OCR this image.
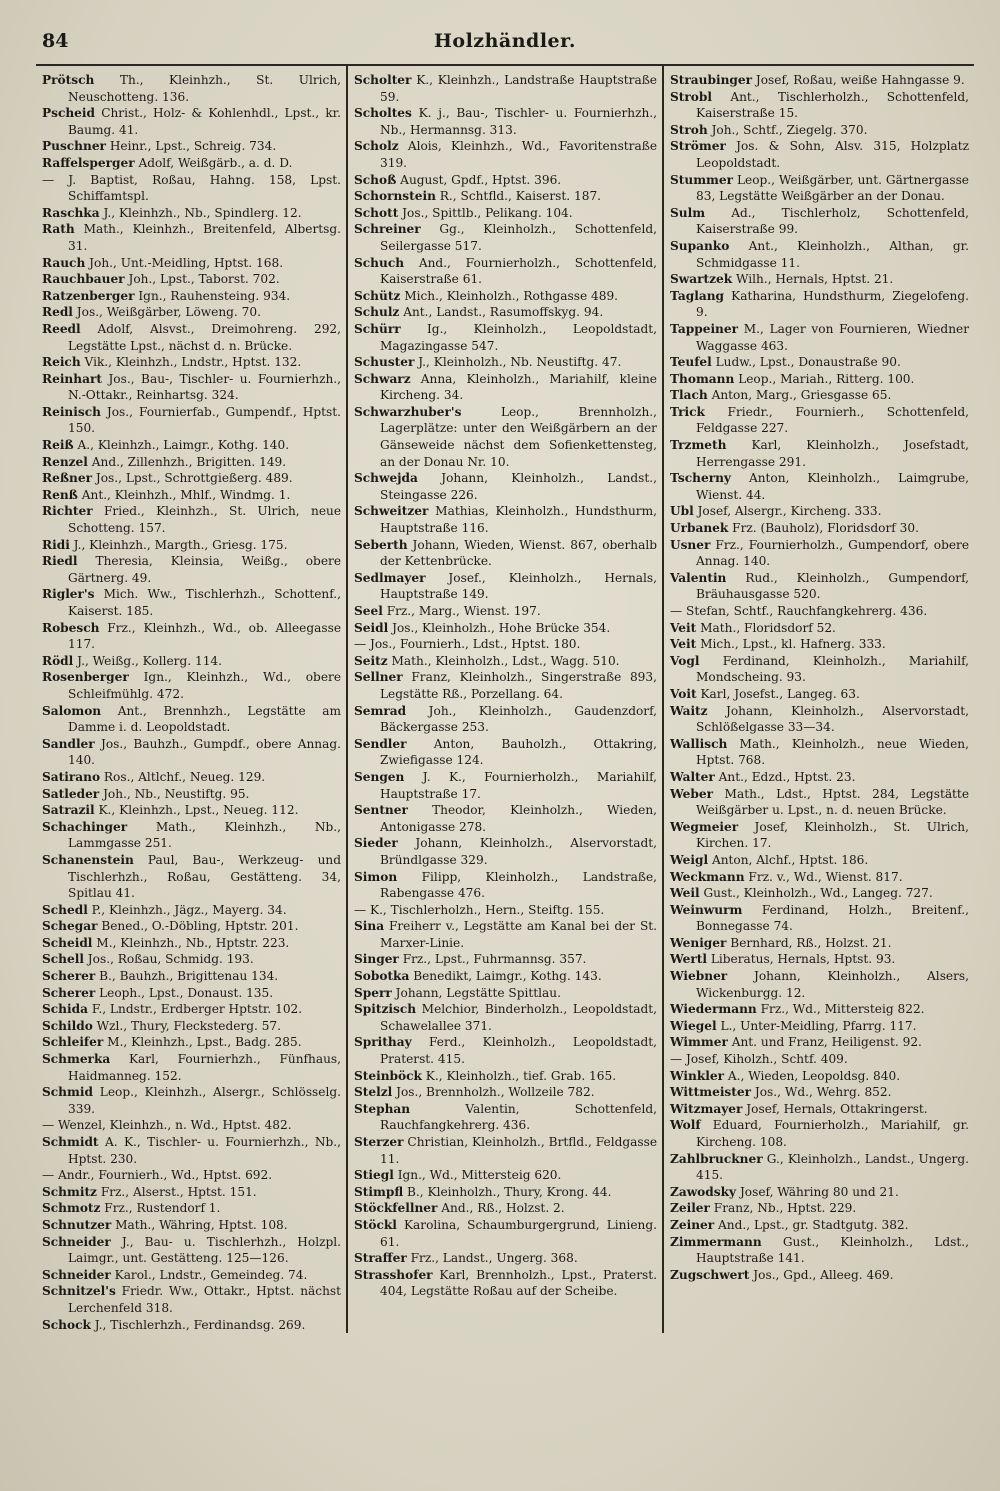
84	Holzhändler.

Prötsch Th., Kleinhzh., St. Ulrich, Neuschotteng. 136.

Pscheid Christ., Holz- & Kohlenhdl., Lpst., kr. Baumg. 41.

Puschner Heinr., Lpst., Schreig. 734.

Raffelsperger Adolf, Weißgärb., a. d. D.

— J. Baptist, Roßau, Hahng. 158, Lpst. Schiffamtspl.

Raschka J., Kleinhzh., Nb., Spindlerg. 12.

Rath Math., Kleinhzh., Breitenfeld, Albertsg. 31.

Rauch Joh., Unt.-Meidling, Hptst. 168.

Rauchbauer Joh., Lpst., Taborst. 702.

Ratzenberger Ign., Rauhensteing. 934.

Redl Jos., Weißgärber, Löweng. 70.

Reedl Adolf, Alsvst., Dreimohreng. 292, Legstätte Lpst., nächst d. n. Brücke.

Reich Vik., Kleinhzh., Lndstr., Hptst. 132.

Reinhart Jos., Bau-, Tischler- u. Fournierhzh., N.-Ottakr., Reinhartsg. 324.

Reinisch Jos., Fournierfab., Gumpendf., Hptst. 150.

Reiß A., Kleinhzh., Laimgr., Kothg. 140.

Renzel And., Zillenhzh., Brigitten. 149.

Reßner Jos., Lpst., Schrottgießerg. 489.

Renß Ant., Kleinhzh., Mhlf., Windmg. 1.

Richter Fried., Kleinhzh., St. Ulrich, neue Schotteng. 157.

Ridi J., Kleinhzh., Margth., Griesg. 175.

Riedl Theresia, Kleinsia, Weißg., obere Gärtnerg. 49.

Rigler's Mich. Ww., Tischlerhzh., Schottenf., Kaiserst. 185.

Robesch Frz., Kleinhzh., Wd., ob. Alleegasse 117.

Rödl J., Weißg., Kollerg. 114.

Rosenberger Ign., Kleinhzh., Wd., obere Schleifmühlg. 472.

Salomon Ant., Brennhzh., Legstätte am Damme i. d. Leopoldstadt.

Sandler Jos., Bauhzh., Gumpdf., obere Annag. 140.

Satirano Ros., Altlchf., Neueg. 129.

Satleder Joh., Nb., Neustiftg. 95.

Satrazil K., Kleinhzh., Lpst., Neueg. 112.

Schachinger Math., Kleinhzh., Nb., Lammgasse 251.

Schanenstein Paul, Bau-, Werkzeug- und Tischlerhzh., Roßau, Gestätteng. 34, Spitlau 41.

Schedl P., Kleinhzh., Jägz., Mayerg. 34.

Schegar Bened., O.-Döbling, Hptstr. 201.

Scheidl M., Kleinhzh., Nb., Hptstr. 223.

Schell Jos., Roßau, Schmidg. 193.

Scherer B., Bauhzh., Brigittenau 134.

Scherer Leoph., Lpst., Donaust. 135.

Schida F., Lndstr., Erdberger Hptstr. 102.

Schildo Wzl., Thury, Fleckstederg. 57.

Schleifer M., Kleinhzh., Lpst., Badg. 285.

Schmerka Karl, Fournierhzh., Fünfhaus, Haidmanneg. 152.

Schmid Leop., Kleinhzh., Alsergr., Schlösselg. 339.

— Wenzel, Kleinhzh., n. Wd., Hptst. 482.

Schmidt A. K., Tischler- u. Fournierhzh., Nb., Hptst. 230.

— Andr., Fournierh., Wd., Hptst. 692.

Schmitz Frz., Alserst., Hptst. 151.

Schmotz Frz., Rustendorf 1.

Schnutzer Math., Währing, Hptst. 108.

Schneider J., Bau- u. Tischlerhzh., Holzpl. Laimgr., unt. Gestätteng. 125—126.

Schneider Karol., Lndstr., Gemeindeg. 74.

Schnitzel's Friedr. Ww., Ottakr., Hptst. nächst Lerchenfeld 318.

Schock J., Tischlerhzh., Ferdinandsg. 269.

Scholter K., Kleinhzh., Landstraße Hauptstraße 59.

Scholtes K. j., Bau-, Tischler- u. Fournierhzh., Nb., Hermannsg. 313.

Scholz Alois, Kleinhzh., Wd., Favoritenstraße 319.

Schoß August, Gpdf., Hptst. 396.

Schornstein R., Schtfld., Kaiserst. 187.

Schott Jos., Spittlb., Pelikang. 104.

Schreiner Gg., Kleinholzh., Schottenfeld, Seilergasse 517.

Schuch And., Fournierholzh., Schottenfeld, Kaiserstraße 61.

Schütz Mich., Kleinholzh., Rothgasse 489.

Schulz Ant., Landst., Rasumoffskyg. 94.

Schürr Ig., Kleinholzh., Leopoldstadt, Magazingasse 547.

Schuster J., Kleinholzh., Nb. Neustiftg. 47.

Schwarz Anna, Kleinholzh., Mariahilf, kleine Kircheng. 34.

Schwarzhuber's	Leop., Brennholzh., Lagerplätze: unter den Weißgärbern an der Gänseweide nächst dem Sofienkettensteg, an der Donau Nr. 10.

Schwejda Johann, Kleinholzh., Landst., Steingasse 226.

Schweitzer Mathias, Kleinholzh., Hundsthurm, Hauptstraße 116.

Seberth Johann, Wieden, Wienst. 867, oberhalb der Kettenbrücke.

Sedlmayer Josef., Kleinholzh., Hernals, Hauptstraße 149.

Seel Frz., Marg., Wienst. 197.

Seidl Jos., Kleinholzh., Hohe Brücke 354.

— Jos., Fournierh., Ldst., Hptst. 180.

Seitz Math., Kleinholzh., Ldst., Wagg. 510.

Sellner Franz, Kleinholzh., Singerstraße 893, Legstätte Rß., Porzellang. 64.

Semrad Joh., Kleinholzh., Gaudenzdorf, Bäckergasse 253.

Sendler Anton, Bauholzh., Ottakring, Zwiefigasse 124.

Sengen J. K., Fournierholzh., Mariahilf, Hauptstraße 17.

Sentner Theodor, Kleinholzh., Wieden, Antonigasse 278.

Sieder Johann, Kleinholzh., Alservorstadt, Bründlgasse 329.

Simon Filipp, Kleinholzh., Landstraße, Rabengasse 476.

— K., Tischlerholzh., Hern., Steiftg. 155.

Sina Freiherr v., Legstätte am Kanal bei der St. Marxer-Linie.

Singer Frz., Lpst., Fuhrmannsg. 357.

Sobotka Benedikt, Laimgr., Kothg. 143.

Sperr Johann, Legstätte Spittlau.

Spitzisch Melchior, Binderholzh., Leopoldstadt, Schawelallee 371.

Sprithay Ferd., Kleinholzh., Leopoldstadt, Praterst. 415.

Steinböck K., Kleinholzh., tief. Grab. 165.

Stelzl Jos., Brennholzh., Wollzeile 782.

Stephan	Valentin, Schottenfeld, Rauchfangkehrerg. 436.

Sterzer Christian, Kleinholzh., Brtfld., Feldgasse 11.

Stiegl Ign., Wd., Mittersteig 620.

Stimpfl B., Kleinholzh., Thury, Krong. 44.

Stöckfellner And., Rß., Holzst. 2.

Stöckl Karolina, Schaumburgergrund, Linieng. 61.

Straffer Frz., Landst., Ungerg. 368.

Strasshofer Karl, Brennholzh., Lpst., Praterst. 404, Legstätte Roßau auf der Scheibe.

Straubinger Josef, Roßau, weiße Hahngasse 9.

Strobl Ant., Tischlerholzh., Schottenfeld, Kaiserstraße 15.

Stroh Joh., Schtf., Ziegelg. 370.

Strömer Jos. & Sohn, Alsv. 315, Holzplatz Leopoldstadt.

Stummer Leop., Weißgärber, unt. Gärtnergasse 83, Legstätte Weißgärber an der Donau.

Sulm Ad., Tischlerholz, Schottenfeld, Kaiserstraße 99.

Supanko Ant., Kleinholzh., Althan, gr. Schmidgasse 11.

Swartzek Wilh., Hernals, Hptst. 21.

Taglang Katharina, Hundsthurm, Ziegelofeng. 9.

Tappeiner M., Lager von Fournieren, Wiedner Waggasse 463.

Teufel Ludw., Lpst., Donaustraße 90.

Thomann Leop., Mariah., Ritterg. 100.

Tlach Anton, Marg., Griesgasse 65.

Trick Friedr., Fournierh., Schottenfeld, Feldgasse 227.

Trzmeth Karl, Kleinholzh., Josefstadt, Herrengasse 291.

Tscherny Anton, Kleinholzh., Laimgrube, Wienst. 44.

Ubl Josef, Alsergr., Kircheng. 333.

Urbanek Frz. (Bauholz), Floridsdorf 30.

Usner Frz., Fournierholzh., Gumpendorf, obere Annag. 140.

Valentin Rud., Kleinholzh., Gumpendorf, Bräuhausgasse 520.

— Stefan, Schtf., Rauchfangkehrerg. 436.

Veit Math., Floridsdorf 52.

Veit Mich., Lpst., kl. Hafnerg. 333.

Vogl Ferdinand, Kleinholzh., Mariahilf, Mondscheing. 93.

Voit Karl, Josefst., Langeg. 63.

Waitz Johann, Kleinholzh., Alservorstadt, Schlößelgasse 33—34.

Wallisch Math., Kleinholzh., neue Wieden, Hptst. 768.

Walter Ant., Edzd., Hptst. 23.

Weber Math., Ldst., Hptst. 284, Legstätte Weißgärber u. Lpst., n. d. neuen Brücke.

Wegmeier Josef, Kleinholzh., St. Ulrich, Kirchen. 17.

Weigl Anton, Alchf., Hptst. 186.

Weckmann Frz. v., Wd., Wienst. 817.

Weil Gust., Kleinholzh., Wd., Langeg. 727.

Weinwurm Ferdinand, Holzh., Breitenf., Bonnegasse 74.

Weniger Bernhard, Rß., Holzst. 21.

Wertl Liberatus, Hernals, Hptst. 93.

Wiebner Johann, Kleinholzh., Alsers, Wickenburgg. 12.

Wiedermann Frz., Wd., Mittersteig 822.

Wiegel L., Unter-Meidling, Pfarrg. 117.

Wimmer Ant. und Franz, Heiligenst. 92.

— Josef, Kiholzh., Schtf. 409.

Winkler A., Wieden, Leopoldsg. 840.

Wittmeister Jos., Wd., Wehrg. 852.

Witzmayer Josef, Hernals, Ottakringerst.

Wolf Eduard, Fournierholzh., Mariahilf, gr. Kircheng. 108.

Zahlbruckner G., Kleinholzh., Landst., Ungerg. 415.

Zawodsky Josef, Währing 80 und 21.

Zeiler Franz, Nb., Hptst. 229.

Zeiner And., Lpst., gr. Stadtgutg. 382.

Zimmermann Gust., Kleinholzh., Ldst., Hauptstraße 141.

Zugschwert Jos., Gpd., Alleeg. 469.
